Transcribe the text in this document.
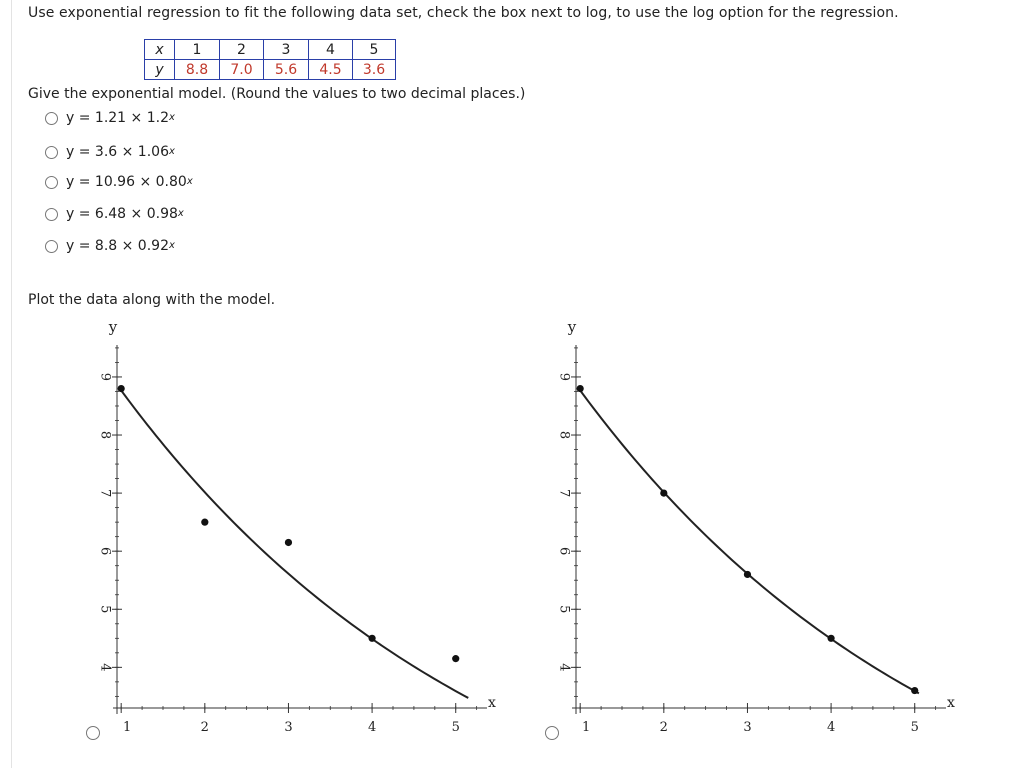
Use exponential regression to fit the following data set, check the box next to log, to use the log option for the regression.
x	1	2	3	4	5
y	8.8	7.0	5.6	4.5	3.6
Give the exponential model. (Round the values to two decimal places.)
$y = 1.21 \times 1.2^x$
$y = 3.6 \times 1.06^x$
$y = 10.96 \times 0.80^x$
$y = 6.48 \times 0.98^x$
$y = 8.8 \times 0.92^x$
Plot the data along with the model.
y
x
1	2	3	4	5
4
5
6
7
8
9
y
x
1	2	3	4	5
4
5
6
7
8
9
